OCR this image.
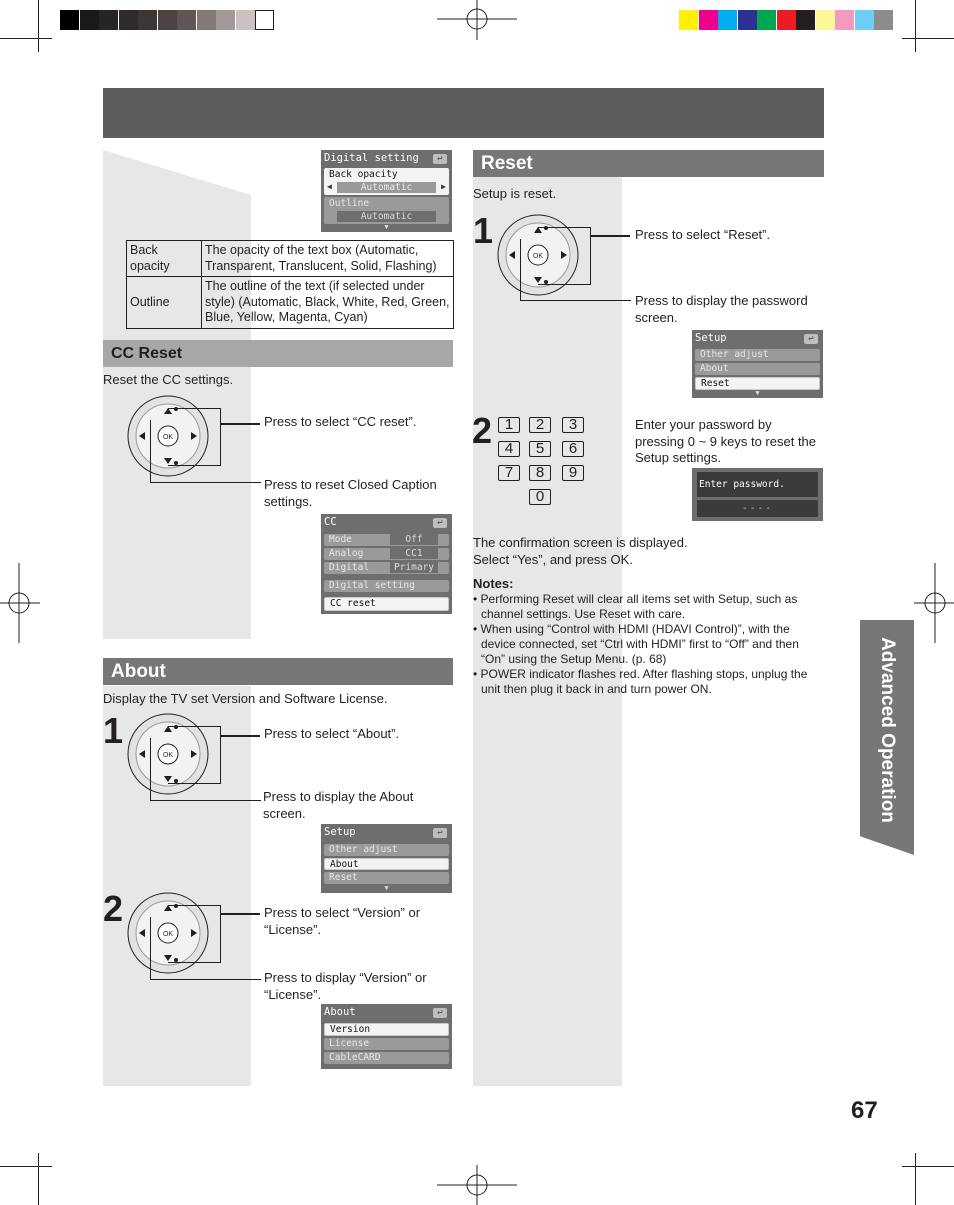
Digital setting	↩
Back opacity
◀	Automatic	▶
Outline
Automatic
▼
Back opacity	The opacity of the text box (Automatic, Transparent, Translucent, Solid, Flashing)
Outline	The outline of the text (if selected under style) (Automatic, Black, White, Red, Green, Blue, Yellow, Magenta, Cyan)
CC Reset
Reset the CC settings.
OK
Press to select “CC reset”.
Press to reset Closed Caption settings.
CC	↩
Mode	Off
Analog	CC1
Digital	Primary
Digital setting
CC reset
About
Display the TV set Version and Software License.
1
OK
Press to select “About”.
Press to display the About screen.
Setup	↩
Other adjust
About
Reset
▼
2
OK
Press to select “Version” or “License”.
Press to display “Version” or “License”.
About	↩
Version
License
CableCARD
Reset
Setup is reset.
1
OK
Press to select “Reset”.
Press to display the password screen.
Setup	↩
Other adjust
About
Reset
▼
2 1	2	3
4	5	6
7	8	9
0
Enter your password by pressing 0 ~ 9 keys to reset the Setup settings.
Enter password.
----
The confirmation screen is displayed.
Select “Yes”, and press OK.
Notes:
• Performing Reset will clear all items set with Setup, such as channel settings. Use Reset with care.
• When using “Control with HDMI (HDAVI Control)”, with the device connected, set “Ctrl with HDMI” first to “Off” and then “On” using the Setup Menu. (p. 68)
• POWER indicator flashes red. After flashing stops, unplug the unit then plug it back in and turn power ON.	Advanced Operation
67
